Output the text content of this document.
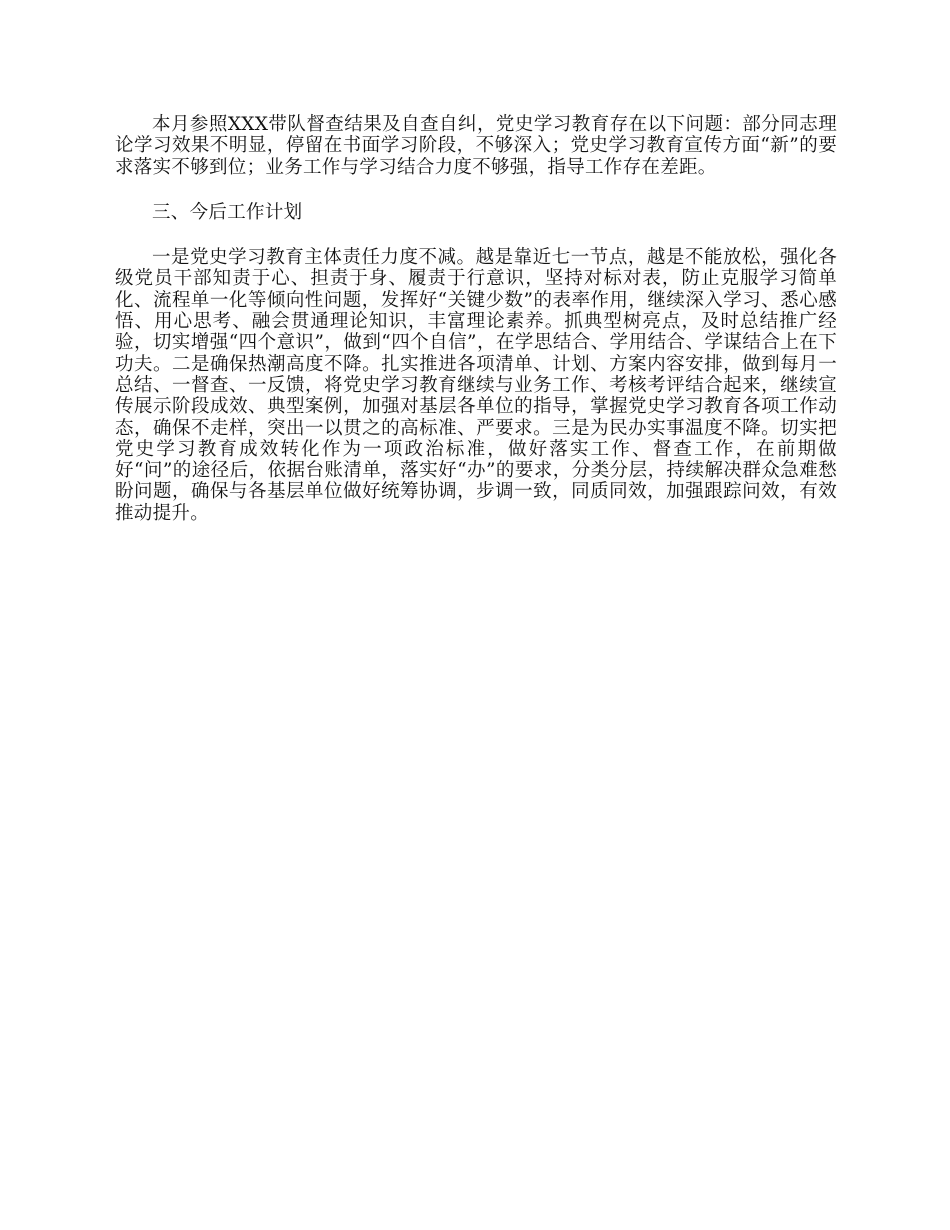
本月参照XXX带队督查结果及自查自纠，党史学习教育存在以下问题：部分同志理论学习效果不明显，停留在书面学习阶段，不够深入；党史学习教育宣传方面“新”的要求落实不够到位；业务工作与学习结合力度不够强，指导工作存在差距。

三、今后工作计划

一是党史学习教育主体责任力度不减。越是靠近七一节点，越是不能放松，强化各级党员干部知责于心、担责于身、履责于行意识，坚持对标对表，防止克服学习简单化、流程单一化等倾向性问题，发挥好“关键少数”的表率作用，继续深入学习、悉心感悟、用心思考、融会贯通理论知识，丰富理论素养。抓典型树亮点，及时总结推广经验，切实增强“四个意识”，做到“四个自信”，在学思结合、学用结合、学谋结合上在下功夫。二是确保热潮高度不降。扎实推进各项清单、计划、方案内容安排，做到每月一总结、一督查、一反馈，将党史学习教育继续与业务工作、考核考评结合起来，继续宣传展示阶段成效、典型案例，加强对基层各单位的指导，掌握党史学习教育各项工作动态，确保不走样，突出一以贯之的高标准、严要求。三是为民办实事温度不降。切实把党史学习教育成效转化作为一项政治标准，做好落实工作、督查工作，在前期做好“问”的途径后，依据台账清单，落实好“办”的要求，分类分层，持续解决群众急难愁盼问题，确保与各基层单位做好统筹协调，步调一致，同质同效，加强跟踪问效，有效推动提升。
